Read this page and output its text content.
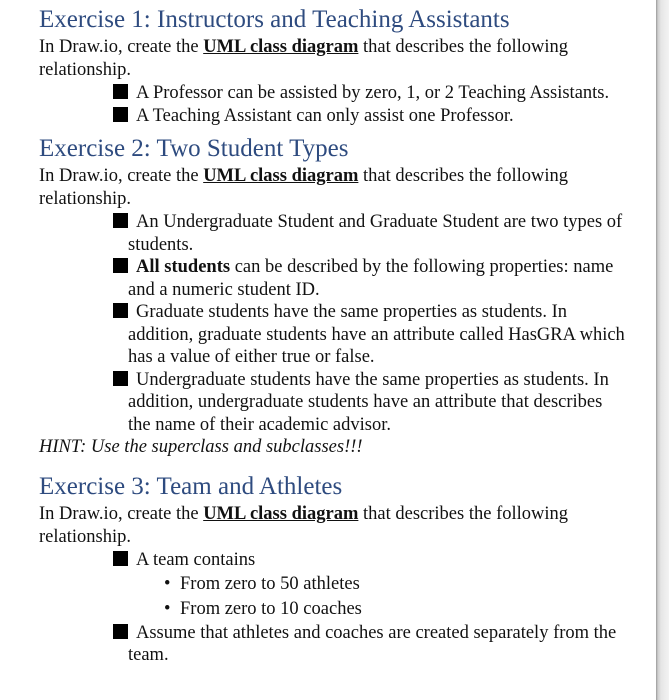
Exercise 1: Instructors and Teaching Assistants

In Draw.io, create the UML class diagram that describes the following relationship.

A Professor can be assisted by zero, 1, or 2 Teaching Assistants.
A Teaching Assistant can only assist one Professor.
Exercise 2: Two Student Types

In Draw.io, create the UML class diagram that describes the following relationship.

An Undergraduate Student and Graduate Student are two types of students.
All students can be described by the following properties: name and a numeric student ID.
Graduate students have the same properties as students. In addition, graduate students have an attribute called HasGRA which has a value of either true or false.
Undergraduate students have the same properties as students. In addition, undergraduate students have an attribute that describes the name of their academic advisor.

HINT: Use the superclass and subclasses!!!

Exercise 3: Team and Athletes

In Draw.io, create the UML class diagram that describes the following relationship.

A team contains
• From zero to 50 athletes
• From zero to 10 coaches
Assume that athletes and coaches are created separately from the team.
